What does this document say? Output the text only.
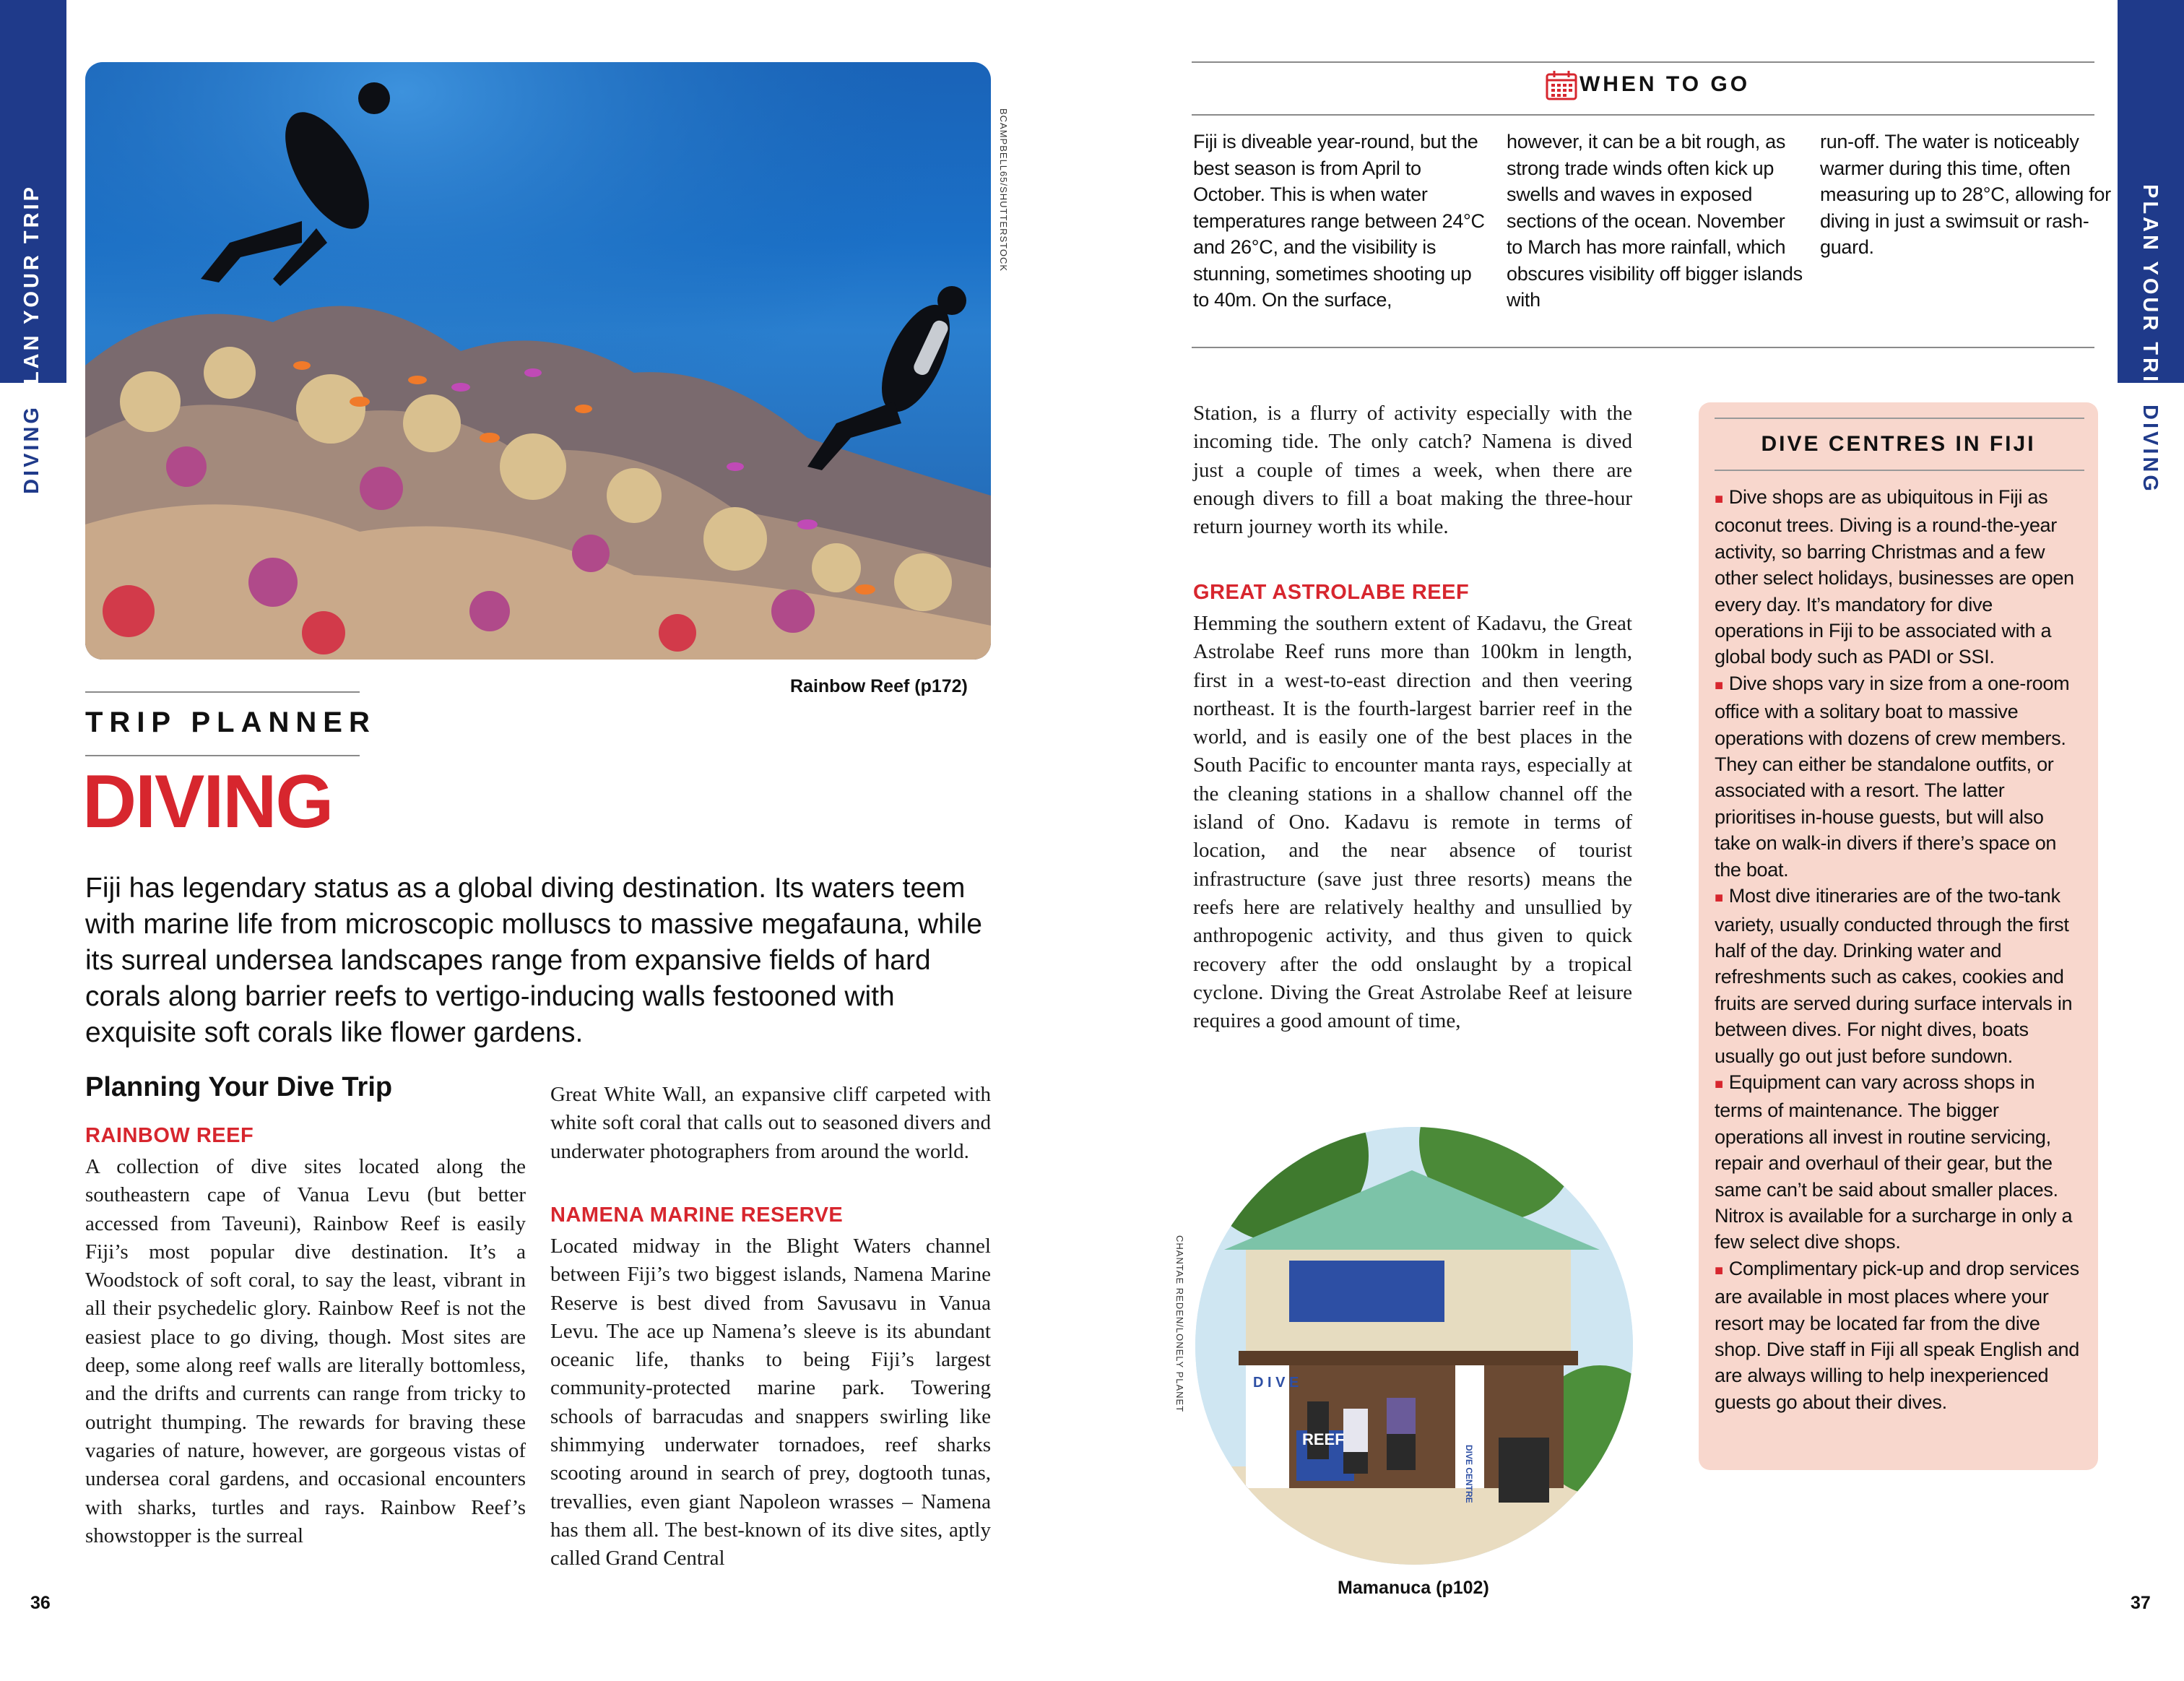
PLAN YOUR TRIP
DIVING
PLAN YOUR TRIP
DIVING
36	37
BCAMPBELL65/SHUTTERSTOCK
Rainbow Reef (p172)
TRIP PLANNER
DIVING
Fiji has legendary status as a global diving destination. Its waters teem with marine life from microscopic molluscs to massive megafauna, while its surreal undersea landscapes range from expansive fields of hard corals along barrier reefs to vertigo-inducing walls festooned with exquisite soft corals like flower gardens.
Planning Your Dive Trip
RAINBOW REEF
A collection of dive sites located along the southeastern cape of Vanua Levu (but better accessed from Taveuni), Rainbow Reef is easily Fiji’s most popular dive destination. It’s a Woodstock of soft coral, to say the least, vibrant in all their psychedelic glory. Rainbow Reef is not the easiest place to go diving, though. Most sites are deep, some along reef walls are literally bottomless, and the drifts and currents can range from tricky to outright thumping. The rewards for braving these vagaries of nature, however, are gorgeous vistas of undersea coral gardens, and occasional encounters with sharks, turtles and rays. Rainbow Reef’s showstopper is the surreal
Great White Wall, an expansive cliff carpeted with white soft coral that calls out to seasoned divers and underwater photographers from around the world.
NAMENA MARINE RESERVE
Located midway in the Blight Waters channel between Fiji’s two biggest islands, Namena Marine Reserve is best dived from Savusavu in Vanua Levu. The ace up Namena’s sleeve is its abundant oceanic life, thanks to being Fiji’s largest community-protected marine park. Towering schools of barracudas and snappers swirling like shimmying underwater tornadoes, reef sharks scooting around in search of prey, dogtooth tunas, trevallies, even giant Napoleon wrasses – Namena has them all. The best-known of its dive sites, aptly called Grand Central
WHEN TO GO
Fiji is diveable year-round, but the best season is from April to October. This is when water temperatures range between 24°C and 26°C, and the visibility is stunning, sometimes shooting up to 40m. On the surface,
however, it can be a bit rough, as strong trade winds often kick up swells and waves in exposed sections of the ocean. November to March has more rainfall, which obscures visibility off bigger islands with
run-off. The water is noticeably warmer during this time, often measuring up to 28°C, allowing for diving in just a swimsuit or rash-guard.
Station, is a flurry of activity especially with the incoming tide. The only catch? Namena is dived just a couple of times a week, when there are enough divers to fill a boat making the three-hour return journey worth its while.
GREAT ASTROLABE REEF
Hemming the southern extent of Kadavu, the Great Astrolabe Reef runs more than 100km in length, first in a west-to-east direction and then veering northeast. It is the fourth-largest barrier reef in the world, and is easily one of the best places in the South Pacific to encounter manta rays, especially at the cleaning stations in a shallow channel off the island of Ono. Kadavu is remote in terms of location, and the near absence of tourist infrastructure (save just three resorts) means the reefs here are relatively healthy and unsullied by anthropogenic activity, and thus given to quick recovery after the odd onslaught by a tropical cyclone. Diving the Great Astrolabe Reef at leisure requires a good amount of time,
D I V E
REEF
DIVE CENTRE
CHANTAE REDEN/LONELY PLANET
Mamanuca (p102)
DIVE CENTRES IN FIJI
■ Dive shops are as ubiquitous in Fiji as coconut trees. Diving is a round-the-year activity, so barring Christmas and a few other select holidays, businesses are open every day. It’s mandatory for dive operations in Fiji to be associated with a global body such as PADI or SSI.
■ Dive shops vary in size from a one-room office with a solitary boat to massive operations with dozens of crew members. They can either be standalone outfits, or associated with a resort. The latter prioritises in-house guests, but will also take on walk-in divers if there’s space on the boat.
■ Most dive itineraries are of the two-tank variety, usually conducted through the first half of the day. Drinking water and refreshments such as cakes, cookies and fruits are served during surface intervals in between dives. For night dives, boats usually go out just before sundown.
■ Equipment can vary across shops in terms of maintenance. The bigger operations all invest in routine servicing, repair and overhaul of their gear, but the same can’t be said about smaller places. Nitrox is available for a surcharge in only a few select dive shops.
■ Complimentary pick-up and drop services are available in most places where your resort may be located far from the dive shop. Dive staff in Fiji all speak English and are always willing to help inexperienced guests go about their dives.
